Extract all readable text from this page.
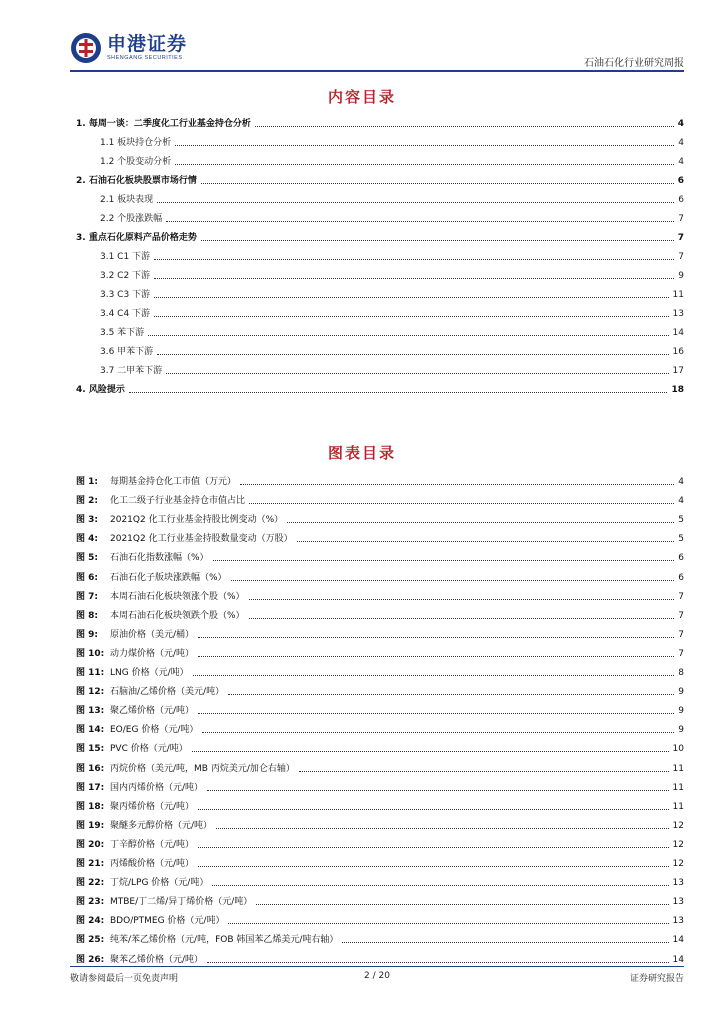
申港证券
SHENGANG SECURITIES	石油石化行业研究周报
内容目录
1. 每周一谈：二季度化工行业基金持仓分析	4
1.1 板块持仓分析	4
1.2 个股变动分析	4
2. 石油石化板块股票市场行情	6
2.1 板块表现	6
2.2 个股涨跌幅	7
3. 重点石化原料产品价格走势	7
3.1 C1 下游	7
3.2 C2 下游	9
3.3 C3 下游	11
3.4 C4 下游	13
3.5 苯下游	14
3.6 甲苯下游	16
3.7 二甲苯下游	17
4. 风险提示	18
图表目录
图 1:	每期基金持仓化工市值（万元）	4
图 2:	化工二级子行业基金持仓市值占比	4
图 3:	2021Q2 化工行业基金持股比例变动（%）	5
图 4:	2021Q2 化工行业基金持股数量变动（万股）	5
图 5:	石油石化指数涨幅（%）	6
图 6:	石油石化子版块涨跌幅（%）	6
图 7:	本周石油石化板块领涨个股（%）	7
图 8:	本周石油石化板块领跌个股（%）	7
图 9:	原油价格（美元/桶）	7
图 10: 动力煤价格（元/吨）	7
图 11: LNG 价格（元/吨）	8
图 12: 石脑油/乙烯价格（美元/吨）	9
图 13: 聚乙烯价格（元/吨）	9
图 14: EO/EG 价格（元/吨）	9
图 15: PVC 价格（元/吨）	10
图 16: 丙烷价格（美元/吨，MB 丙烷美元/加仑右轴）	11
图 17: 国内丙烯价格（元/吨）	11
图 18: 聚丙烯价格（元/吨）	11
图 19: 聚醚多元醇价格（元/吨）	12
图 20: 丁辛醇价格（元/吨）	12
图 21: 丙烯酸价格（元/吨）	12
图 22: 丁烷/LPG 价格（元/吨）	13
图 23: MTBE/丁二烯/异丁烯价格（元/吨）	13
图 24: BDO/PTMEG 价格（元/吨）	13
图 25: 纯苯/苯乙烯价格（元/吨，FOB 韩国苯乙烯美元/吨右轴）	14
图 26: 聚苯乙烯价格（元/吨）	14
敬请参阅最后一页免责声明	2 / 20	证券研究报告
